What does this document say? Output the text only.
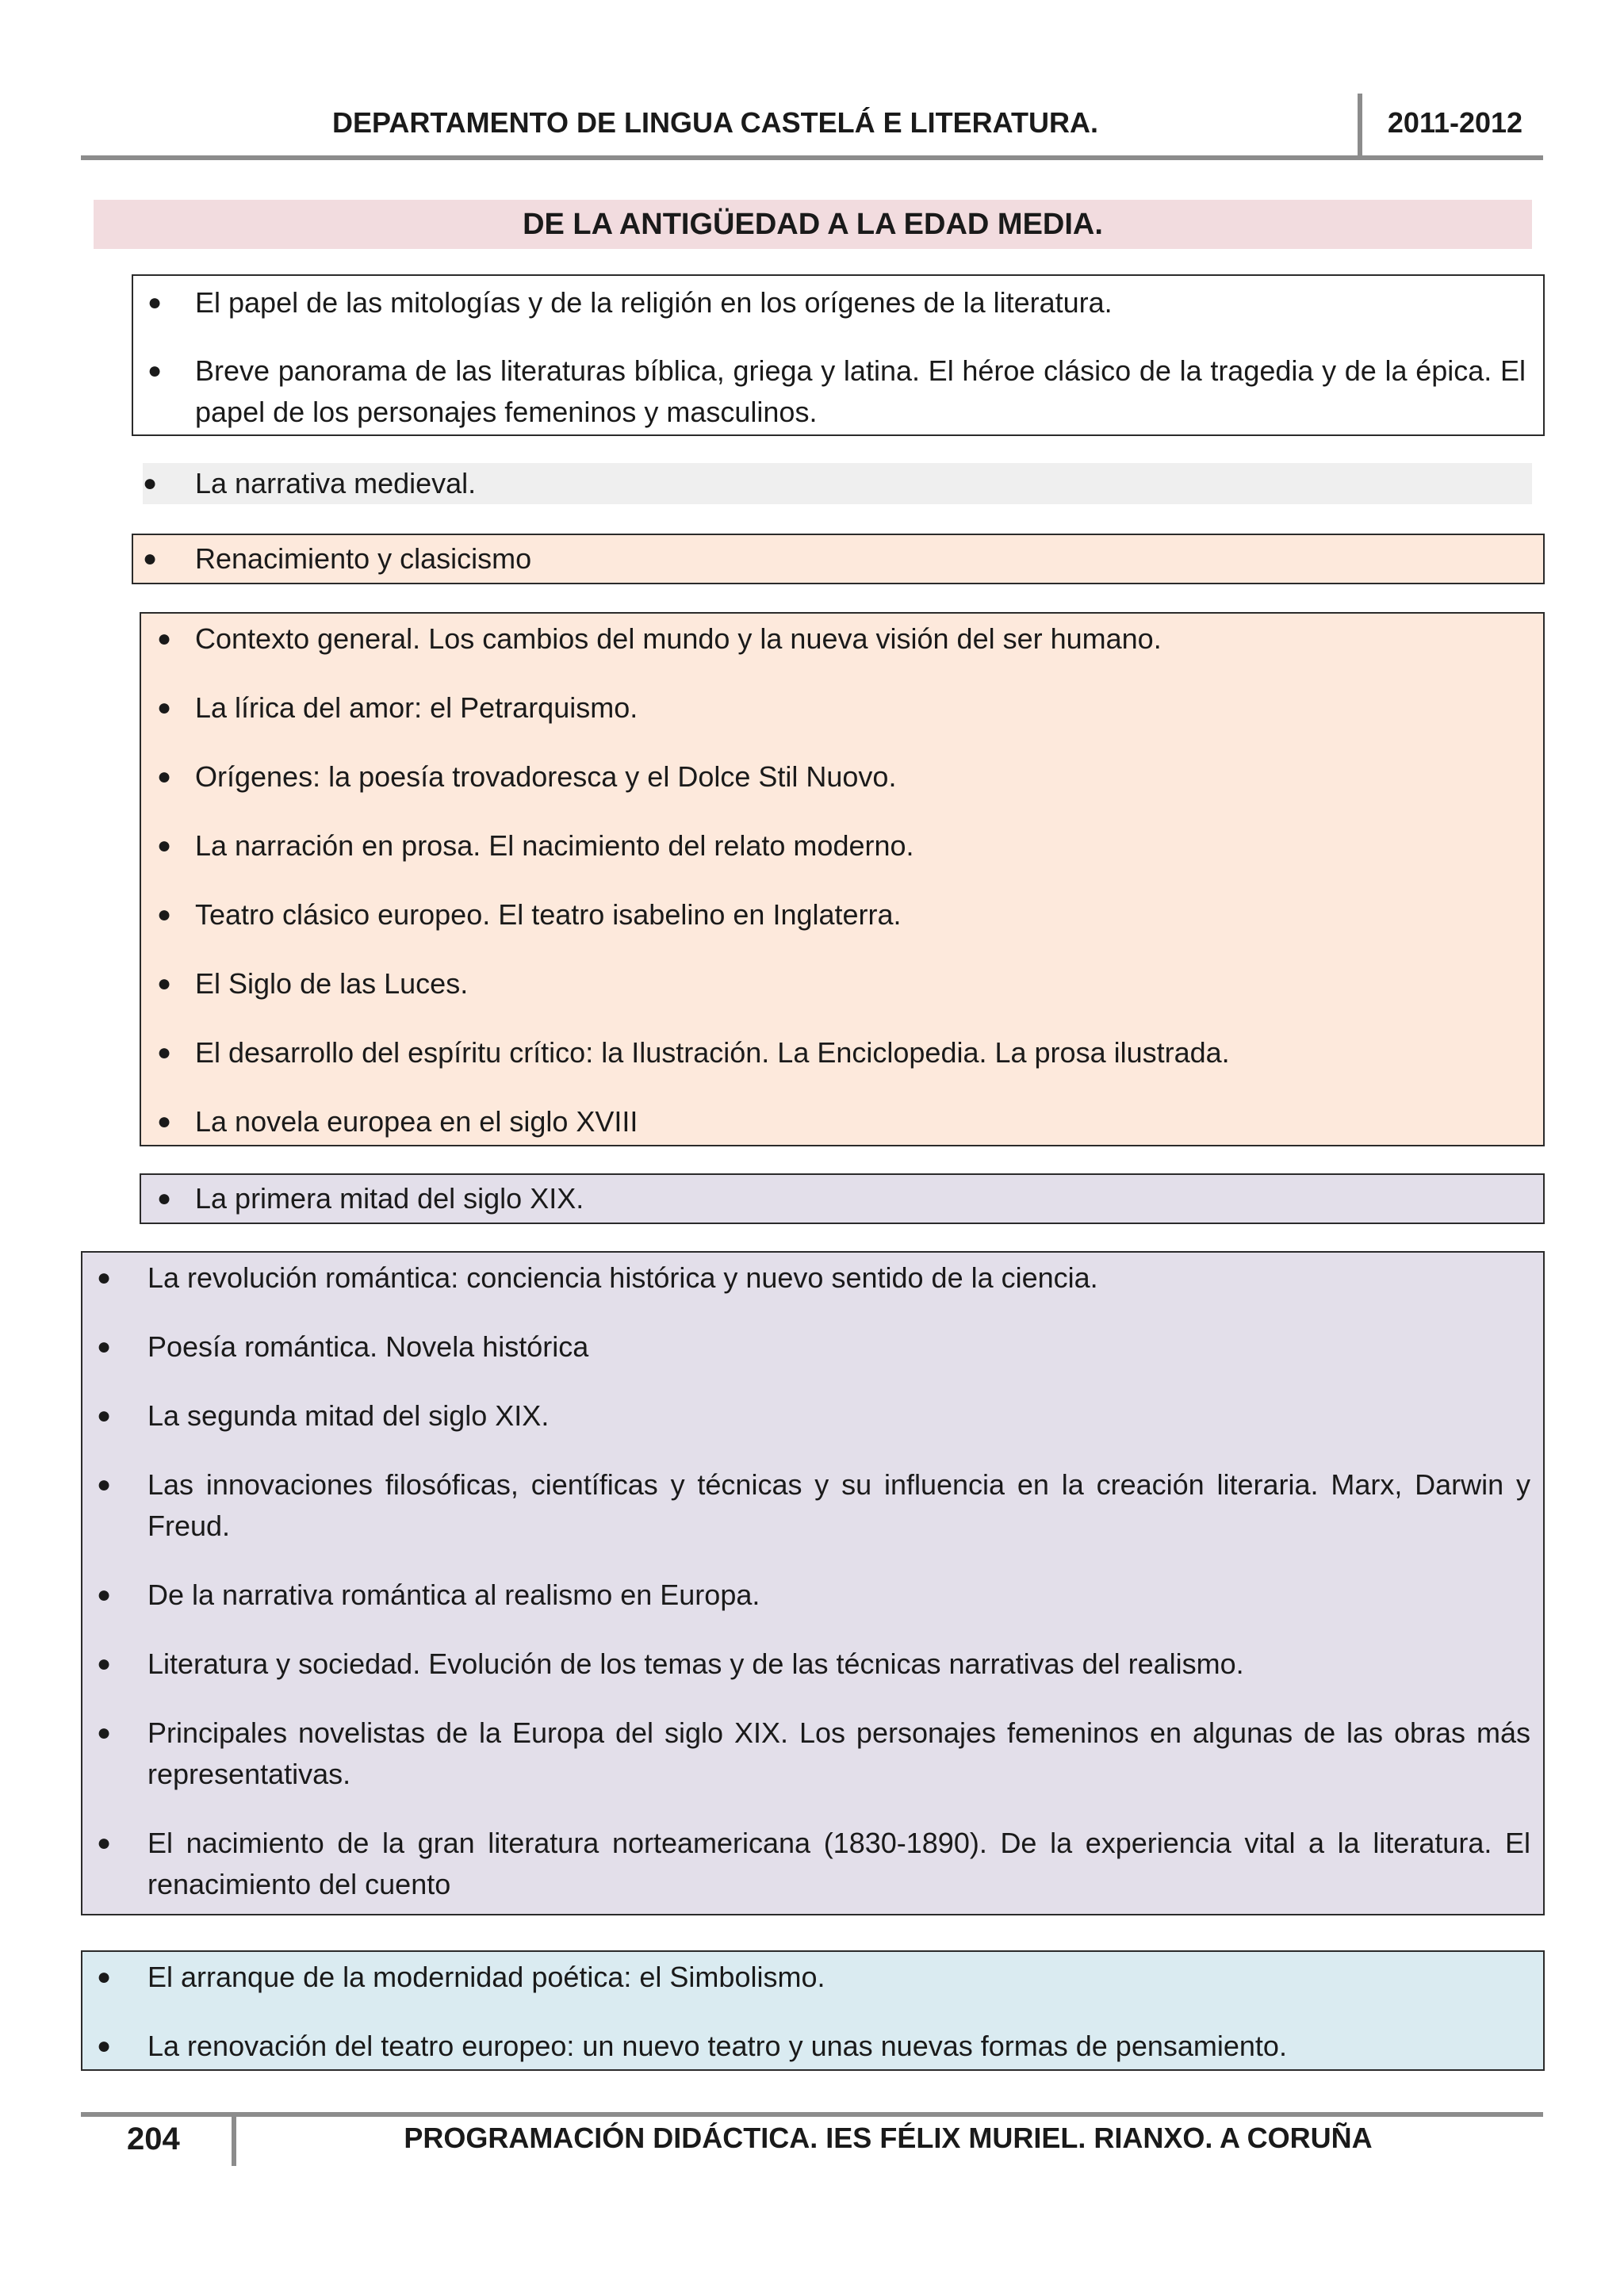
DEPARTAMENTO DE LINGUA CASTELÁ E LITERATURA.	2011-2012
DE LA ANTIGÜEDAD A LA EDAD MEDIA.
● El papel de las mitologías y de la religión en los orígenes de la literatura.
● Breve panorama de las literaturas bíblica, griega y latina. El héroe clásico de la tragedia y de la épica. El papel de los personajes femeninos y masculinos.
● La narrativa medieval.
● Renacimiento y clasicismo
● Contexto general. Los cambios del mundo y la nueva visión del ser humano.
● La lírica del amor: el Petrarquismo.
● Orígenes: la poesía trovadoresca y el Dolce Stil Nuovo.
● La narración en prosa. El nacimiento del relato moderno.
● Teatro clásico europeo. El teatro isabelino en Inglaterra.
● El Siglo de las Luces.
● El desarrollo del espíritu crítico: la Ilustración. La Enciclopedia. La prosa ilustrada.
● La novela europea en el siglo XVIII
● La primera mitad del siglo XIX.
● La revolución romántica: conciencia histórica y nuevo sentido de la ciencia.
● Poesía romántica. Novela histórica
● La segunda mitad del siglo XIX.
● Las innovaciones filosóficas, científicas y técnicas y su influencia en la creación literaria. Marx, Darwin y Freud.
● De la narrativa romántica al realismo en Europa.
● Literatura y sociedad. Evolución de los temas y de las técnicas narrativas del realismo.
● Principales novelistas de la Europa del siglo XIX. Los personajes femeninos en algunas de las obras más representativas.
● El nacimiento de la gran literatura norteamericana (1830-1890). De la experiencia vital a la literatura. El renacimiento del cuento
● El arranque de la modernidad poética: el Simbolismo.
● La renovación del teatro europeo: un nuevo teatro y unas nuevas formas de pensamiento.
204	PROGRAMACIÓN DIDÁCTICA. IES FÉLIX MURIEL. RIANXO. A CORUÑA
